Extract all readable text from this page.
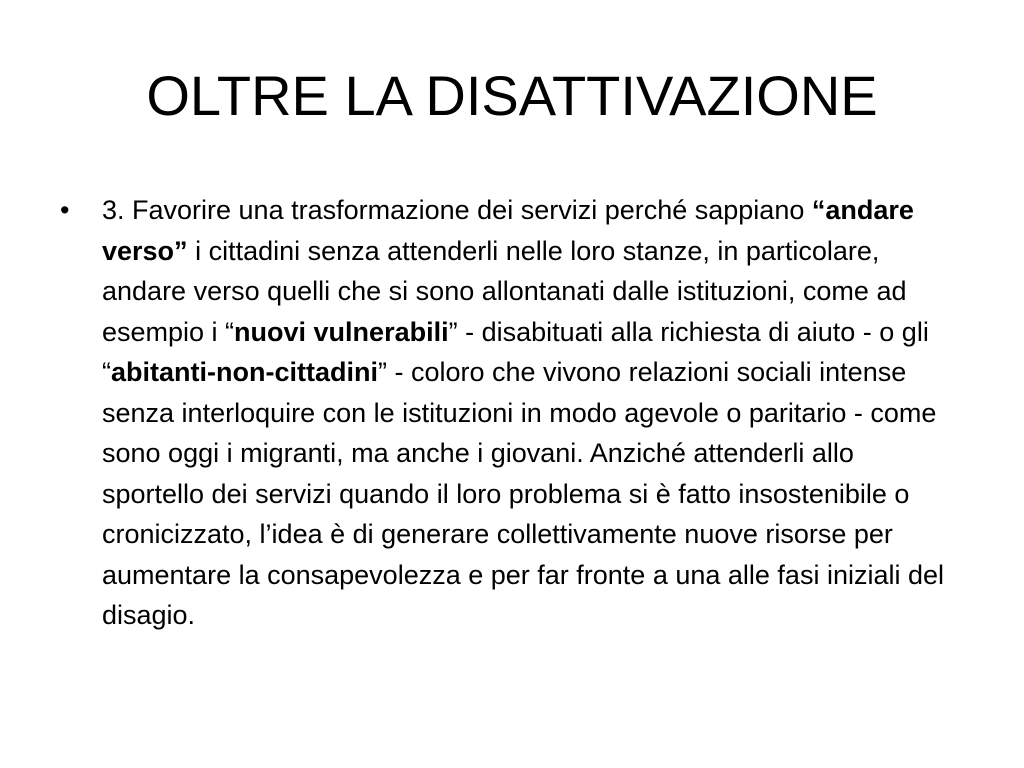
OLTRE LA DISATTIVAZIONE
• 3. Favorire una trasformazione dei servizi perché sappiano “andare verso” i cittadini senza attenderli nelle loro stanze, in particolare, andare verso quelli che si sono allontanati dalle istituzioni, come ad esempio i “nuovi vulnerabili” - disabituati alla richiesta di aiuto - o gli “abitanti-non-cittadini” - coloro che vivono relazioni sociali intense senza interloquire con le istituzioni in modo agevole o paritario - come sono oggi i migranti, ma anche i giovani. Anziché attenderli allo sportello dei servizi quando il loro problema si è fatto insostenibile o cronicizzato, l’idea è di generare collettivamente nuove risorse per aumentare la consapevolezza e per far fronte a una alle fasi iniziali del disagio.
